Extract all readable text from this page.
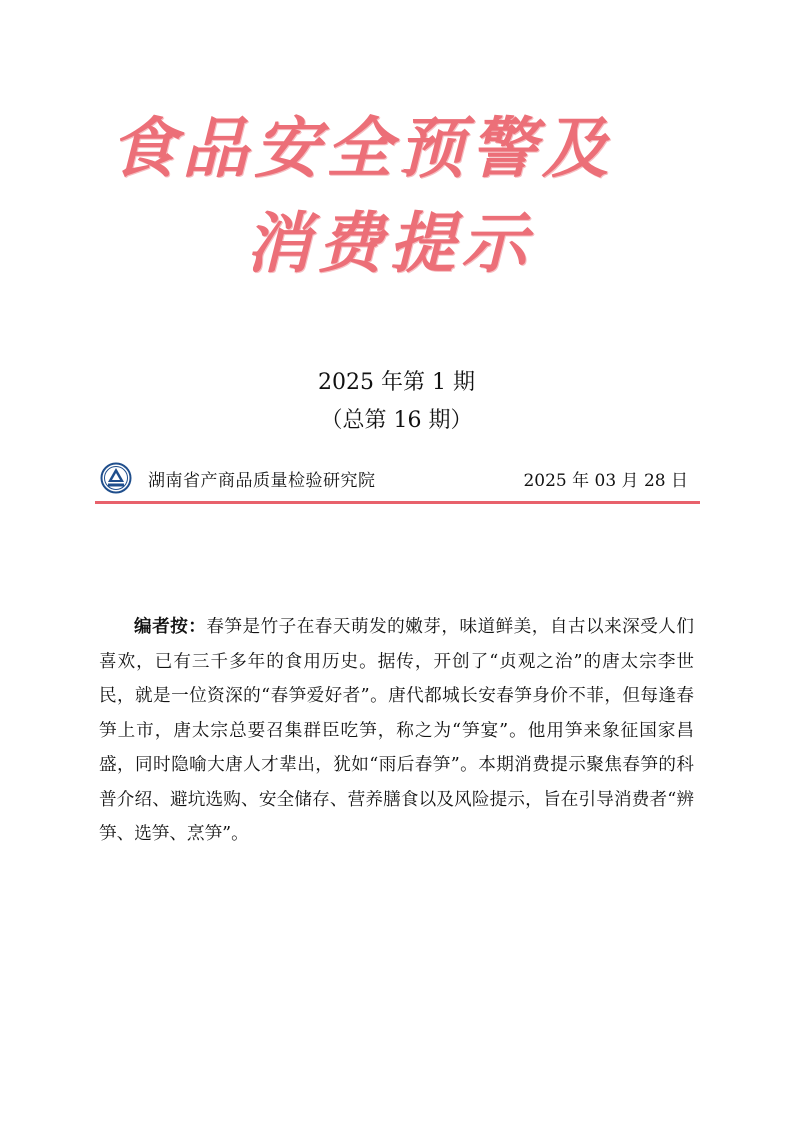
食品安全预警及
消费提示
2025 年第 1 期
（总第 16 期）
湖南省产商品质量检验研究院	2025 年 03 月 28 日

编者按：春笋是竹子在春天萌发的嫩芽，味道鲜美，自古以来深受人们喜欢，已有三千多年的食用历史。据传，开创了“贞观之治”的唐太宗李世民，就是一位资深的“春笋爱好者”。唐代都城长安春笋身价不菲，但每逢春笋上市，唐太宗总要召集群臣吃笋，称之为“笋宴”。他用笋来象征国家昌盛，同时隐喻大唐人才辈出，犹如“雨后春笋”。本期消费提示聚焦春笋的科普介绍、避坑选购、安全储存、营养膳食以及风险提示，旨在引导消费者“辨笋、选笋、烹笋”。
